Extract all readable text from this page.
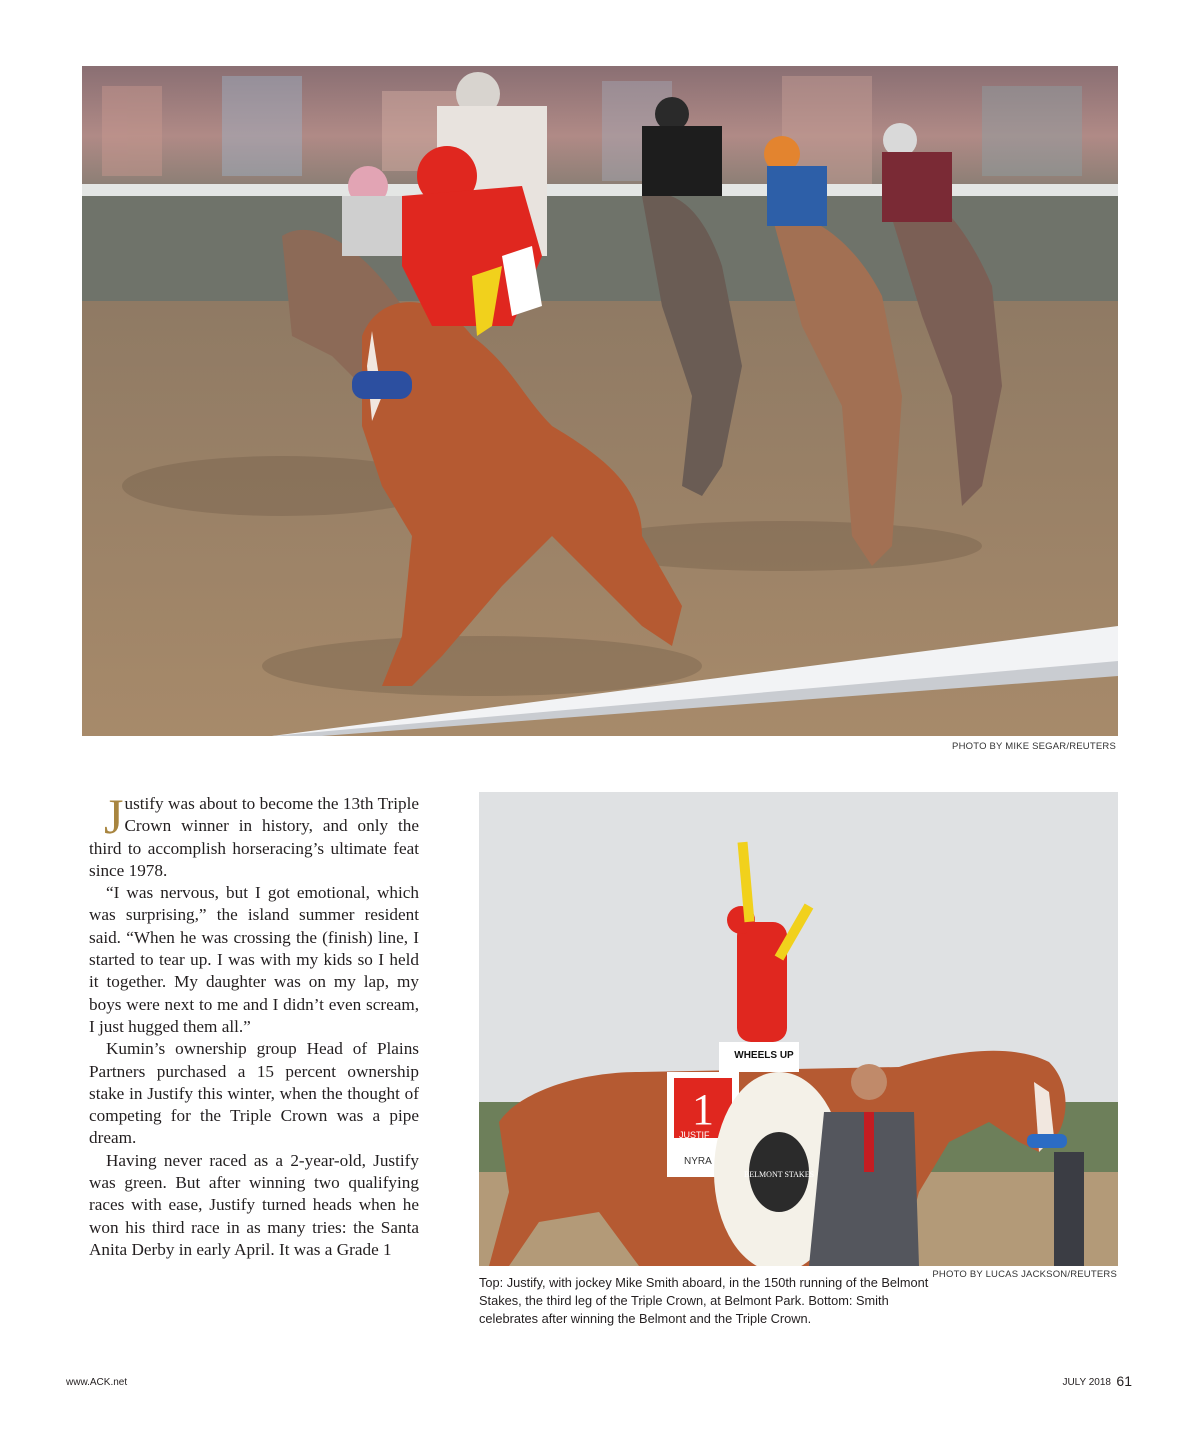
PHOTO BY MIKE SEGAR/REUTERS

Justify was about to become the 13th Triple Crown winner in history, and only the third to accomplish horseracing’s ultimate feat since 1978.

“I was nervous, but I got emotional, which was surprising,” the island summer resident said. “When he was crossing the (finish) line, I started to tear up. I was with my kids so I held it together. My daughter was on my lap, my boys were next to me and I didn’t even scream, I just hugged them all.”

Kumin’s ownership group Head of Plains Partners purchased a 15 percent ownership stake in Justify this winter, when the thought of competing for the Triple Crown was a pipe dream.

Having never raced as a 2-year-old, Justify was green. But after winning two qualifying races with ease, Justify turned heads when he won his third race in as many tries: the Santa Anita Derby in early April. It was a Grade 1

1
NYRA
JUSTIF
BELMONT STAKES
WHEELS UP
PHOTO BY LUCAS JACKSON/REUTERS
Top: Justify, with jockey Mike Smith aboard, in the 150th running of the Belmont Stakes, the third leg of the Triple Crown, at Belmont Park. Bottom: Smith celebrates after winning the Belmont and the Triple Crown.
www.ACK.net	JULY 2018 61
